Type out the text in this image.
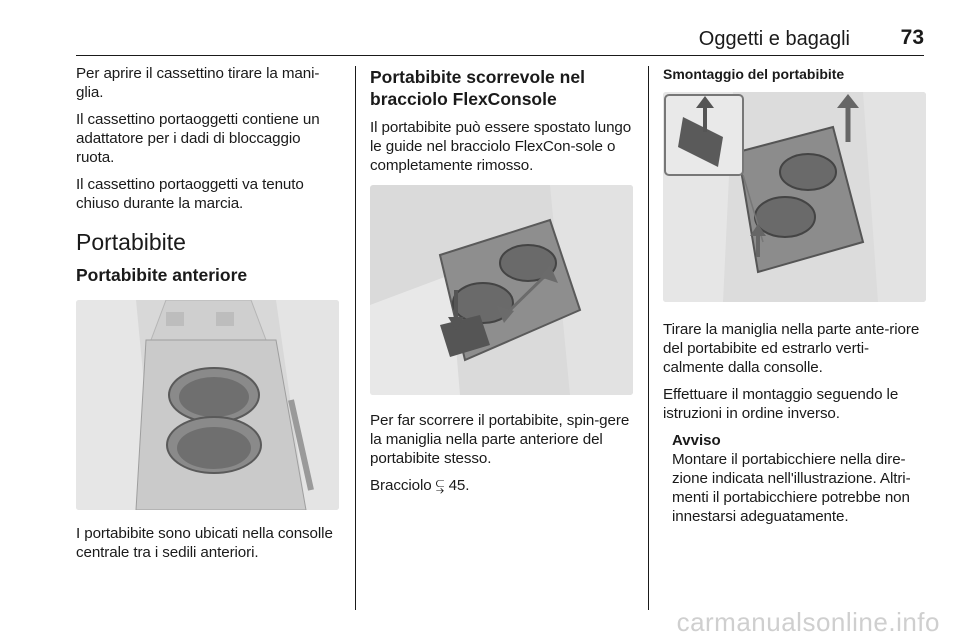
Oggetti e bagagli 73

Per aprire il cassettino tirare la mani-glia.

Il cassettino portaoggetti contiene un adattatore per i dadi di bloccaggio ruota.

Il cassettino portaoggetti va tenuto chiuso durante la marcia.

Portabibite
Portabibite anteriore

I portabibite sono ubicati nella consolle centrale tra i sedili anteriori.

Portabibite scorrevole nel bracciolo FlexConsole

Il portabibite può essere spostato lungo le guide nel bracciolo FlexCon-sole o completamente rimosso.

Per far scorrere il portabibite, spin-gere la maniglia nella parte anteriore del portabibite stesso.

Bracciolo ⥹ 45.

Smontaggio del portabibite

Tirare la maniglia nella parte ante-riore del portabibite ed estrarlo verti-calmente dalla consolle.

Effettuare il montaggio seguendo le istruzioni in ordine inverso.

Avviso

Montare il portabicchiere nella dire-zione indicata nell'illustrazione. Altri-menti il portabicchiere potrebbe non innestarsi adeguatamente.

carmanualsonline.info
